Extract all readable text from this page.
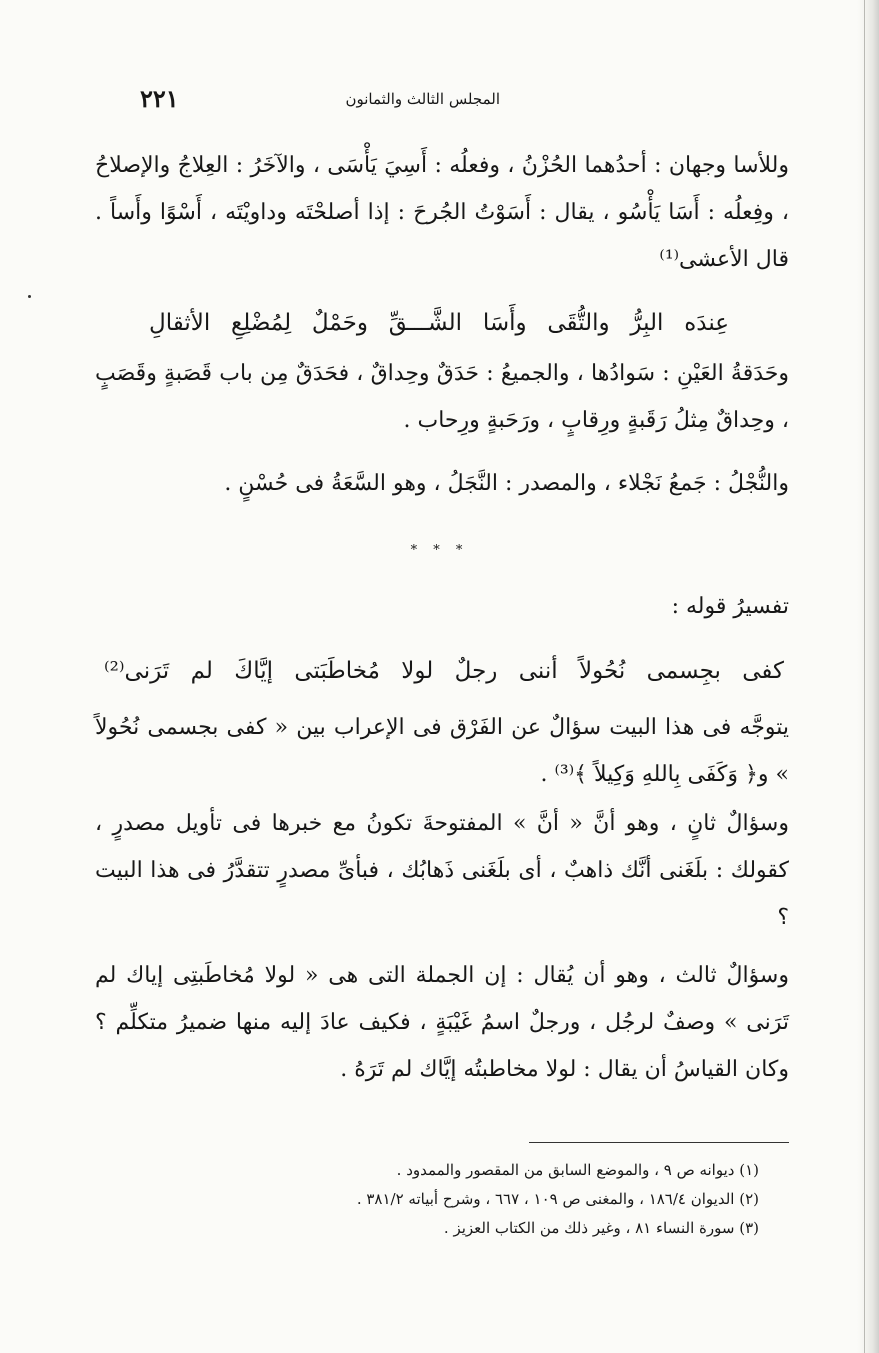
٢٢١	المجلس الثالث والثمانون

وللأسا وجهان : أحدُهما الحُزْنُ ، وفعلُه : أَسِيَ يَأْسَى ، والآخَرُ : العِلاجُ والإصلاحُ ، وفِعلُه : أَسَا يَأْسُو ، يقال : أَسَوْتُ الجُرحَ : إذا أصلحْتَه وداويْتَه ، أَسْوًا وأَساً . قال الأعشى⁽¹⁾

عِندَه البِرُّ والتُّقَى وأَسَا الشَّـــقِّ وحَمْلٌ لِمُضْلِعِ الأثقالِ

وحَدَقةُ العَيْنِ : سَوادُها ، والجميعُ : حَدَقٌ وحِداقٌ ، فحَدَقٌ مِن باب قَصَبةٍ وقَصَبٍ ، وحِداقٌ مِثلُ رَقَبةٍ ورِقابٍ ، ورَحَبةٍ ورِحاب .

والنُّجْلُ : جَمعُ نَجْلاء ، والمصدر : النَّجَلُ ، وهو السَّعَةُ فى حُسْنٍ .

* * *
تفسيرُ قوله :

كفى بجِسمى نُحُولاً أننى رجلٌ لولا مُخاطَبَتى إيَّاكَ لم تَرَنى⁽²⁾

يتوجَّه فى هذا البيت سؤالٌ عن الفَرْق فى الإعراب بين « كفى بجسمى نُحُولاً » و﴿ وَكَفَى بِاللهِ وَكِيلاً ﴾⁽³⁾ .

وسؤالٌ ثانٍ ، وهو أنَّ « أنَّ » المفتوحةَ تكونُ مع خبرها فى تأويل مصدرٍ ، كقولك : بلَغَنى أنَّك ذاهبٌ ، أى بلَغَنى ذَهابُك ، فبأىِّ مصدرٍ تتقدَّرُ فى هذا البيت ؟

وسؤالٌ ثالث ، وهو أن يُقال : إن الجملة التى هى « لولا مُخاطَبتِى إياك لم تَرَنى » وصفٌ لرجُل ، ورجلٌ اسمُ غَيْبَةٍ ، فكيف عادَ إليه منها ضميرُ متكلِّم ؟ وكان القياسُ أن يقال : لولا مخاطبتُه إيَّاك لم تَرَهُ .

(١) ديوانه ص ٩ ، والموضع السابق من المقصور والممدود .
(٢) الديوان ١٨٦/٤ ، والمغنى ص ١٠٩ ، ٦٦٧ ، وشرح أبياته ٣٨١/٢ .
(٣) سورة النساء ٨١ ، وغير ذلك من الكتاب العزيز .
